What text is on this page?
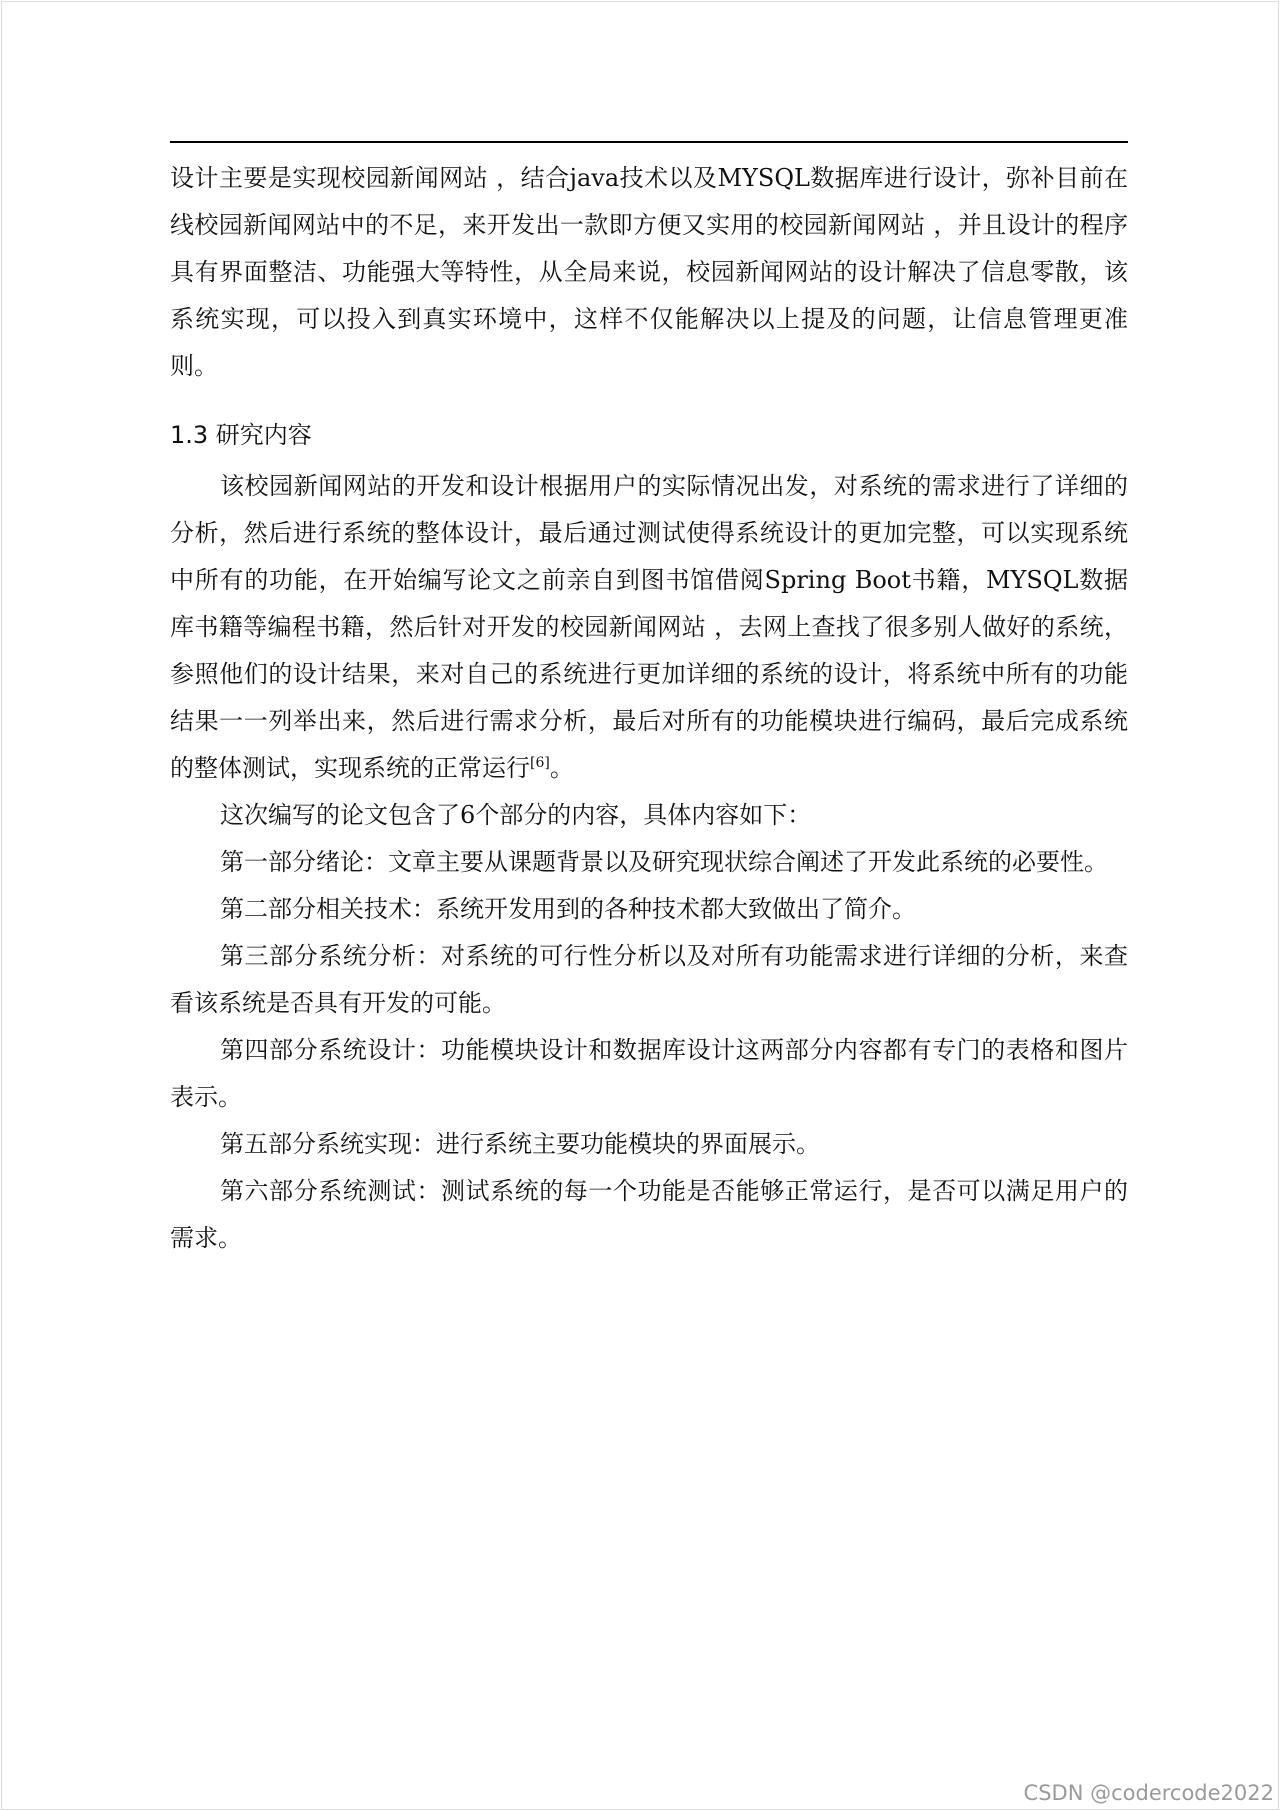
设计主要是实现校园新闻网站 ，结合java技术以及MYSQL数据库进行设计，弥补目前在线校园新闻网站中的不足，来开发出一款即方便又实用的校园新闻网站 ，并且设计的程序具有界面整洁、功能强大等特性，从全局来说，校园新闻网站的设计解决了信息零散，该系统实现，可以投入到真实环境中，这样不仅能解决以上提及的问题，让信息管理更准则。

1.3 研究内容

该校园新闻网站的开发和设计根据用户的实际情况出发，对系统的需求进行了详细的分析，然后进行系统的整体设计，最后通过测试使得系统设计的更加完整，可以实现系统中所有的功能，在开始编写论文之前亲自到图书馆借阅Spring Boot书籍，MYSQL数据库书籍等编程书籍，然后针对开发的校园新闻网站 ，去网上查找了很多别人做好的系统，参照他们的设计结果，来对自己的系统进行更加详细的系统的设计，将系统中所有的功能结果一一列举出来，然后进行需求分析，最后对所有的功能模块进行编码，最后完成系统的整体测试，实现系统的正常运行[6]。

这次编写的论文包含了6个部分的内容，具体内容如下：

第一部分绪论：文章主要从课题背景以及研究现状综合阐述了开发此系统的必要性。

第二部分相关技术：系统开发用到的各种技术都大致做出了简介。

第三部分系统分析：对系统的可行性分析以及对所有功能需求进行详细的分析，来查看该系统是否具有开发的可能。

第四部分系统设计：功能模块设计和数据库设计这两部分内容都有专门的表格和图片表示。

第五部分系统实现：进行系统主要功能模块的界面展示。

第六部分系统测试：测试系统的每一个功能是否能够正常运行，是否可以满足用户的需求。

CSDN @codercode2022
